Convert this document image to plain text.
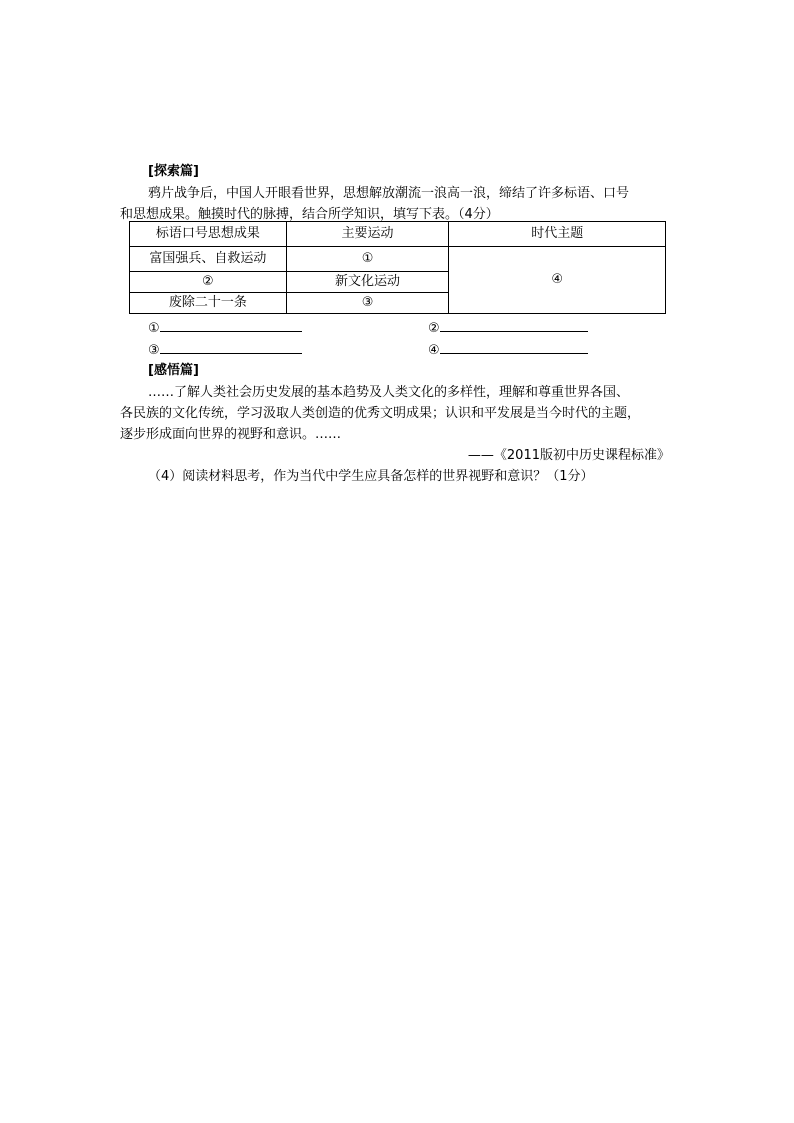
[探索篇]
鸦片战争后，中国人开眼看世界，思想解放潮流一浪高一浪，缔结了许多标语、口号
和思想成果。触摸时代的脉搏，结合所学知识，填写下表。（4分）
标语口号思想成果	主要运动	时代主题
富国强兵、自救运动	①	④
②	新文化运动	
废除二十一条	③	
①	②
③	④
[感悟篇]
……了解人类社会历史发展的基本趋势及人类文化的多样性，理解和尊重世界各国、
各民族的文化传统，学习汲取人类创造的优秀文明成果；认识和平发展是当今时代的主题，
逐步形成面向世界的视野和意识。……
——《2011版初中历史课程标准》
（4）阅读材料思考，作为当代中学生应具备怎样的世界视野和意识？（1分）
